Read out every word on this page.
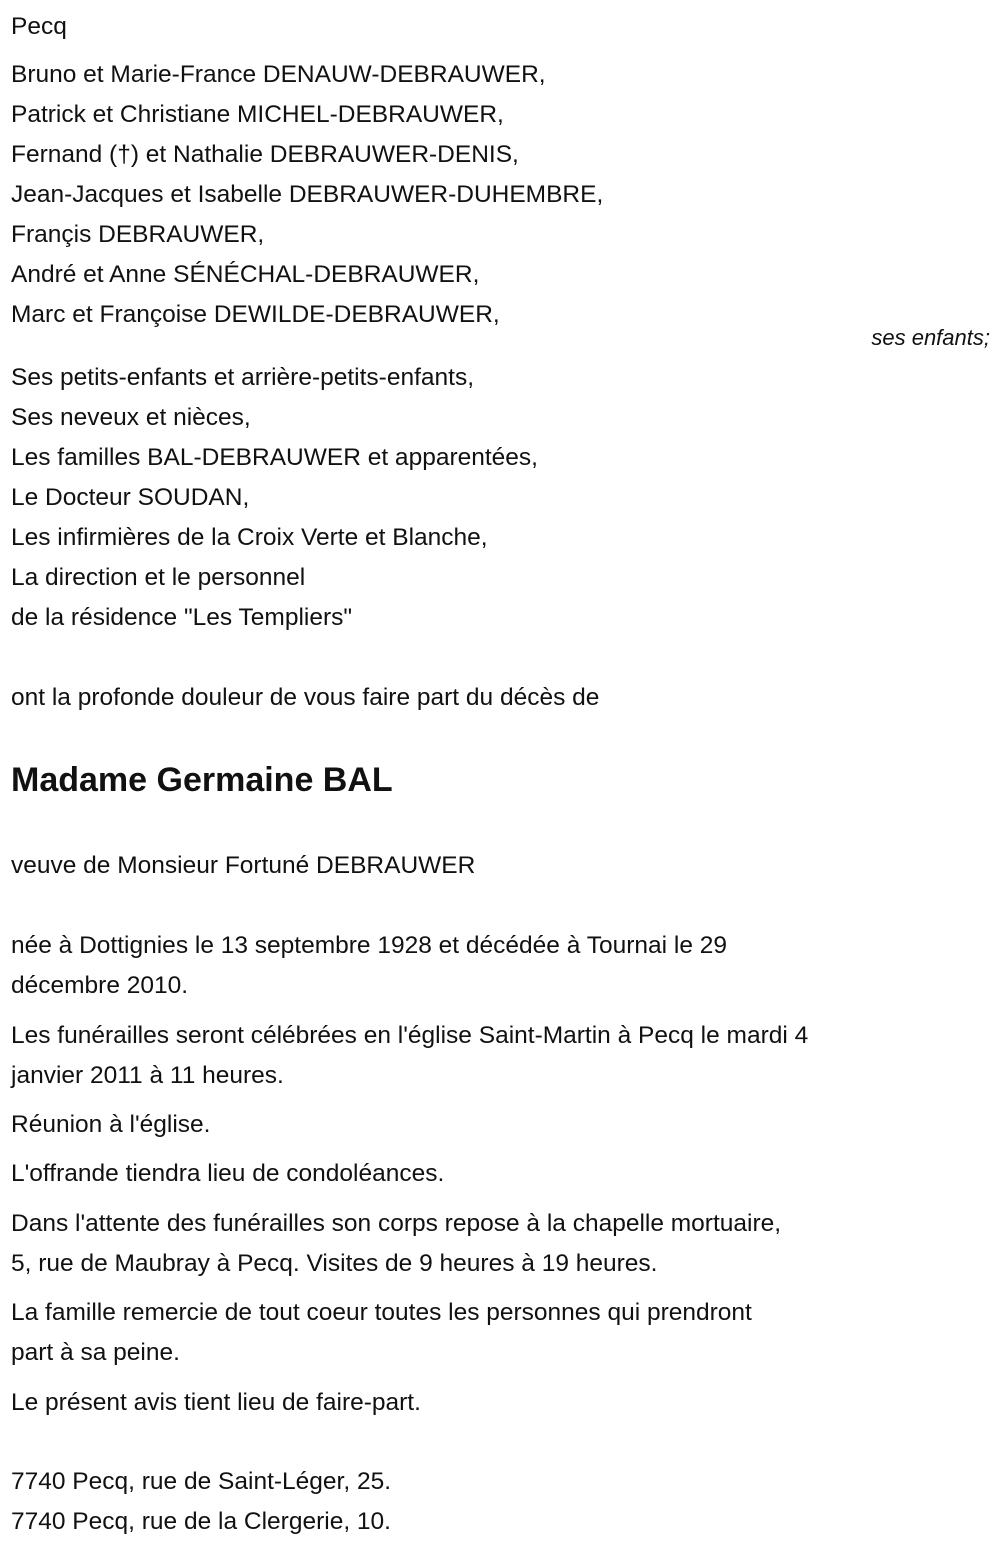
Pecq
Bruno et Marie-France DENAUW-DEBRAUWER,
Patrick et Christiane MICHEL-DEBRAUWER,
Fernand (†) et Nathalie DEBRAUWER-DENIS,
Jean-Jacques et Isabelle DEBRAUWER-DUHEMBRE,
Françis DEBRAUWER,
André et Anne SÉNÉCHAL-DEBRAUWER,
Marc et Françoise DEWILDE-DEBRAUWER,
ses enfants;
Ses petits-enfants et arrière-petits-enfants,
Ses neveux et nièces,
Les familles BAL-DEBRAUWER et apparentées,
Le Docteur SOUDAN,
Les infirmières de la Croix Verte et Blanche,
La direction et le personnel
de la résidence "Les Templiers"
ont la profonde douleur de vous faire part du décès de
Madame Germaine BAL
veuve de Monsieur Fortuné DEBRAUWER
née à Dottignies le 13 septembre 1928 et décédée à Tournai le 29
décembre 2010.
Les funérailles seront célébrées en l'église Saint-Martin à Pecq le mardi 4
janvier 2011 à 11 heures.
Réunion à l'église.
L'offrande tiendra lieu de condoléances.
Dans l'attente des funérailles son corps repose à la chapelle mortuaire,
5, rue de Maubray à Pecq. Visites de 9 heures à 19 heures.
La famille remercie de tout coeur toutes les personnes qui prendront
part à sa peine.
Le présent avis tient lieu de faire-part.
7740 Pecq, rue de Saint-Léger, 25.
7740 Pecq, rue de la Clergerie, 10.
